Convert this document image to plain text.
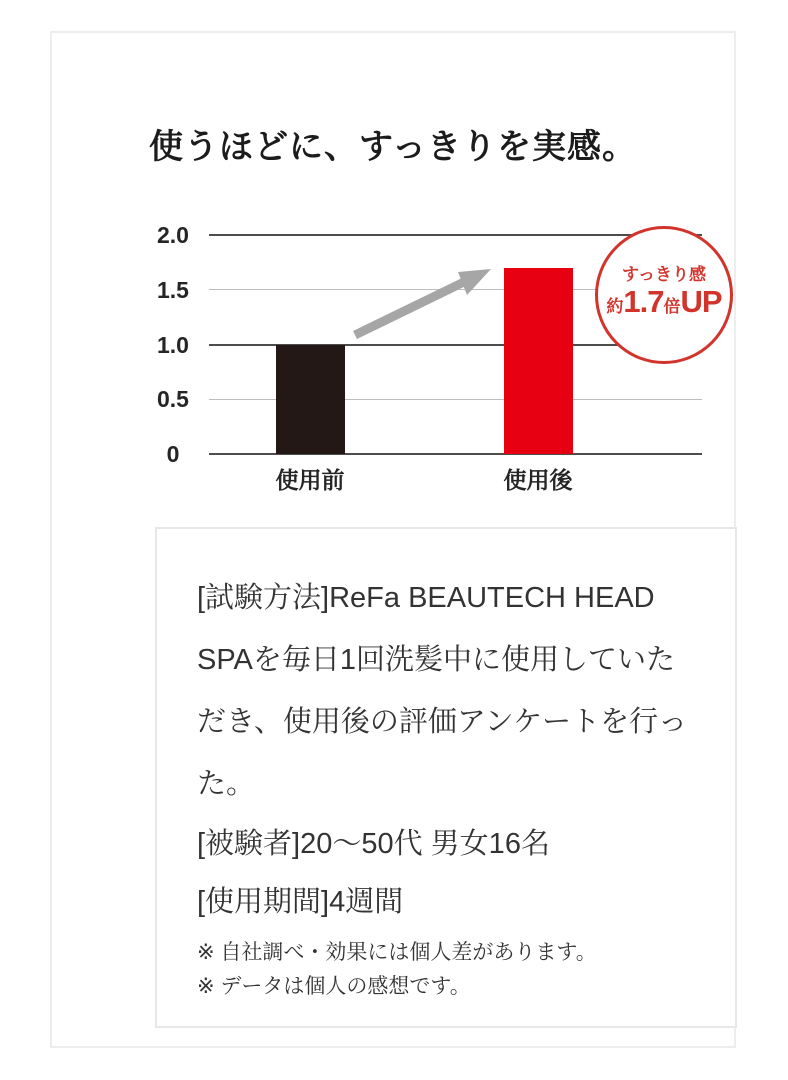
使うほどに、すっきりを実感。
すっきり感
約1.7倍UP
0
0.5
1.0
1.5
2.0
使用前	使用後
[試験方法]ReFa BEAUTECH HEAD
SPAを毎日1回洗髪中に使用していた
だき、使用後の評価アンケートを行っ
た。
[被験者]20〜50代 男女16名
[使用期間]4週間
※ 自社調べ・効果には個人差があります。
※ データは個人の感想です。
